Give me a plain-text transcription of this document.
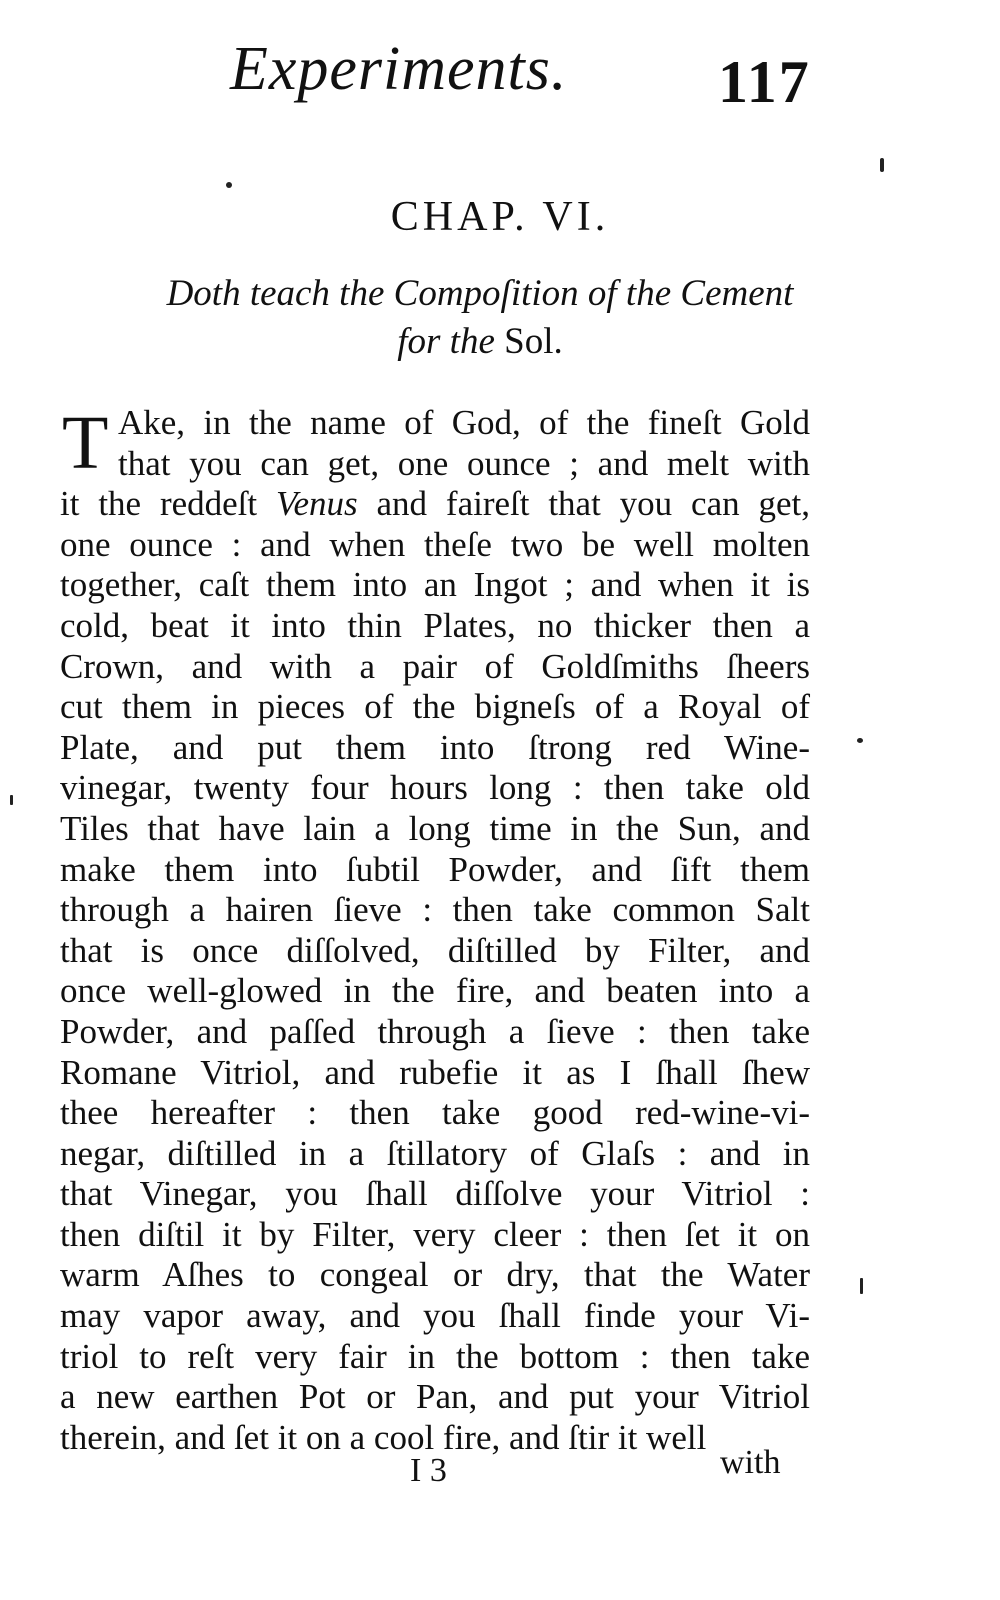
Experiments.	117
CHAP. VI.
Doth teach the Compoſition of the Cement
for the Sol.
T Ake, in the name of God, of the fineſt Gold
that you can get, one ounce ; and melt with
it the reddeſt Venus and faireſt that you can get,
one ounce : and when theſe two be well molten
together, caſt them into an Ingot ; and when it is
cold, beat it into thin Plates, no thicker then a
Crown, and with a pair of Goldſmiths ſheers
cut them in pieces of the bigneſs of a Royal of
Plate, and put them into ſtrong red Wine-
vinegar, twenty four hours long : then take old
Tiles that have lain a long time in the Sun, and
make them into ſubtil Powder, and ſift them
through a hairen ſieve : then take common Salt
that is once diſſolved, diſtilled by Filter, and
once well-glowed in the fire, and beaten into a
Powder, and paſſed through a ſieve : then take
Romane Vitriol, and rubefie it as I ſhall ſhew
thee hereafter : then take good red-wine-vi-
negar, diſtilled in a ſtillatory of Glaſs : and in
that Vinegar, you ſhall diſſolve your Vitriol :
then diſtil it by Filter, very cleer : then ſet it on
warm Aſhes to congeal or dry, that the Water
may vapor away, and you ſhall finde your Vi-
triol to reſt very fair in the bottom : then take
a new earthen Pot or Pan, and put your Vitriol
therein, and ſet it on a cool fire, and ſtir it well
I 3	with
